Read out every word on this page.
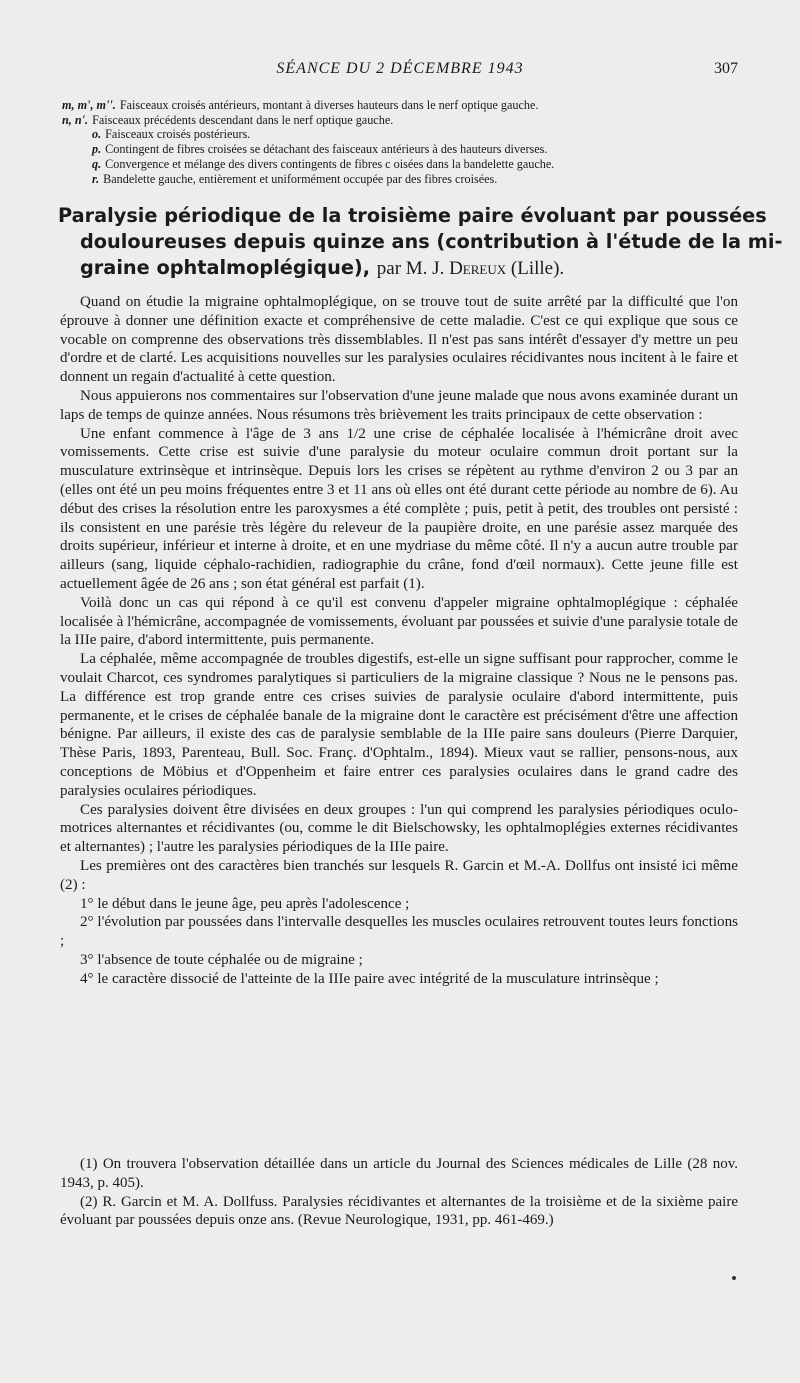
SÉANCE DU 2 DÉCEMBRE 1943	307
m, m', m''. Faisceaux croisés antérieurs, montant à diverses hauteurs dans le nerf optique gauche.
n, n'. Faisceaux précédents descendant dans le nerf optique gauche.
o. Faisceaux croisés postérieurs.
p. Contingent de fibres croisées se détachant des faisceaux antérieurs à des hauteurs diverses.
q. Convergence et mélange des divers contingents de fibres c oisées dans la bandelette gauche.
r. Bandelette gauche, entièrement et uniformément occupée par des fibres croisées.
Paralysie périodique de la troisième paire évoluant par poussées
douloureuses depuis quinze ans (contribution à l'étude de la mi-
graine ophtalmoplégique), par M. J. Dereux (Lille).

Quand on étudie la migraine ophtalmoplégique, on se trouve tout de suite arrêté par la difficulté que l'on éprouve à donner une définition exacte et compréhensive de cette maladie. C'est ce qui explique que sous ce vocable on comprenne des observations très dissemblables. Il n'est pas sans intérêt d'essayer d'y mettre un peu d'ordre et de clarté. Les acquisitions nouvelles sur les paralysies oculaires récidivantes nous incitent à le faire et donnent un regain d'actualité à cette question.

Nous appuierons nos commentaires sur l'observation d'une jeune malade que nous avons examinée durant un laps de temps de quinze années. Nous résumons très brièvement les traits principaux de cette observation :

Une enfant commence à l'âge de 3 ans 1/2 une crise de céphalée localisée à l'hémicrâne droit avec vomissements. Cette crise est suivie d'une paralysie du moteur oculaire commun droit portant sur la musculature extrinsèque et intrinsèque. Depuis lors les crises se répètent au rythme d'environ 2 ou 3 par an (elles ont été un peu moins fréquentes entre 3 et 11 ans où elles ont été durant cette période au nombre de 6). Au début des crises la résolution entre les paroxysmes a été complète ; puis, petit à petit, des troubles ont persisté : ils consistent en une parésie très légère du releveur de la paupière droite, en une parésie assez marquée des droits supérieur, inférieur et interne à droite, et en une mydriase du même côté. Il n'y a aucun autre trouble par ailleurs (sang, liquide céphalo-rachidien, radiographie du crâne, fond d'œil normaux). Cette jeune fille est actuellement âgée de 26 ans ; son état général est parfait (1).

Voilà donc un cas qui répond à ce qu'il est convenu d'appeler migraine ophtalmoplégique : céphalée localisée à l'hémicrâne, accompagnée de vomissements, évoluant par poussées et suivie d'une paralysie totale de la IIIe paire, d'abord intermittente, puis permanente.

La céphalée, même accompagnée de troubles digestifs, est-elle un signe suffisant pour rapprocher, comme le voulait Charcot, ces syndromes paralytiques si particuliers de la migraine classique ? Nous ne le pensons pas. La différence est trop grande entre ces crises suivies de paralysie oculaire d'abord intermittente, puis permanente, et le crises de céphalée banale de la migraine dont le caractère est précisément d'être une affection bénigne. Par ailleurs, il existe des cas de paralysie semblable de la IIIe paire sans douleurs (Pierre Darquier, Thèse Paris, 1893, Parenteau, Bull. Soc. Franç. d'Ophtalm., 1894). Mieux vaut se rallier, pensons-nous, aux conceptions de Möbius et d'Oppenheim et faire entrer ces paralysies oculaires dans le grand cadre des paralysies oculaires périodiques.

Ces paralysies doivent être divisées en deux groupes : l'un qui comprend les paralysies périodiques oculo-motrices alternantes et récidivantes (ou, comme le dit Bielschowsky, les ophtalmoplégies externes récidivantes et alternantes) ; l'autre les paralysies périodiques de la IIIe paire.

Les premières ont des caractères bien tranchés sur lesquels R. Garcin et M.-A. Dollfus ont insisté ici même (2) :

1° le début dans le jeune âge, peu après l'adolescence ;

2° l'évolution par poussées dans l'intervalle desquelles les muscles oculaires retrouvent toutes leurs fonctions ;

3° l'absence de toute céphalée ou de migraine ;

4° le caractère dissocié de l'atteinte de la IIIe paire avec intégrité de la musculature intrinsèque ;

(1) On trouvera l'observation détaillée dans un article du Journal des Sciences médicales de Lille (28 nov. 1943, p. 405).

(2) R. Garcin et M. A. Dollfuss. Paralysies récidivantes et alternantes de la troisième et de la sixième paire évoluant par poussées depuis onze ans. (Revue Neurologique, 1931, pp. 461-469.)
